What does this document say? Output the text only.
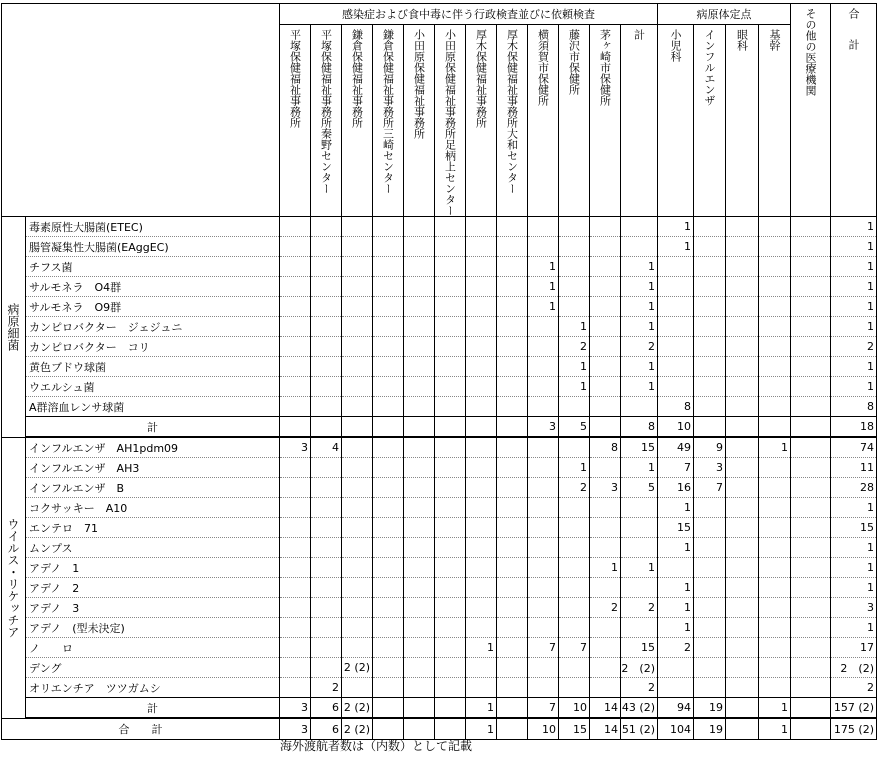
		感染症および食中毒に伴う行政検査並びに依頼検査												病原体定点				その他の医療機関	合計

		平塚保健福祉事務所	平塚保健福祉事務所秦野センター	鎌倉保健福祉事務所	鎌倉保健福祉事務所三崎センター	小田原保健福祉事務所	小田原保健福祉事務所足柄上センター	厚木保健福祉事務所	厚木保健福祉事務所大和センター	横須賀市保健所	藤沢市保健所	茅ヶ崎市保健所	計	小児科	インフルエンザ	眼科	基幹		

病原細菌	毒素原性大腸菌(ETEC)													1					1
	腸管凝集性大腸菌(EAggEC)													1					1
	チフス菌									1			1						1
	サルモネラ　O4群									1			1						1
	サルモネラ　O9群									1			1						1
	カンピロバクター　ジェジュニ										1		1						1
	カンピロバクター　コリ										2		2						2
	黄色ブドウ球菌										1		1						1
	ウエルシュ菌										1		1						1
	A群溶血レンサ球菌													8					8
	計									3	5		8	10					18

ウイルス・リケッチア	インフルエンザ　AH1pdm09	3	4									8	15	49	9		1		74
	インフルエンザ　AH3										1		1	7	3				11
	インフルエンザ　B										2	3	5	16	7				28
	コクサッキー　A10													1					1
	エンテロ　71													15					15
	ムンプス													1					1
	アデノ　1											1	1						1
	アデノ　2													1					1
	アデノ　3											2	2	1					3
	アデノ　(型未決定)													1					1
	ノ　　ロ							1		7	7		15	2					17
	デング			2 (2)									2　(2)						2　(2)
	オリエンチア　ツツガムシ		2										2						2
	計	3	6	2 (2)				1		7	10	14	43 (2)	94	19		1		157 (2)
合　　計		3	6	2 (2)				1		10	15	14	51 (2)	104	19		1		175 (2)
海外渡航者数は（内数）として記載
